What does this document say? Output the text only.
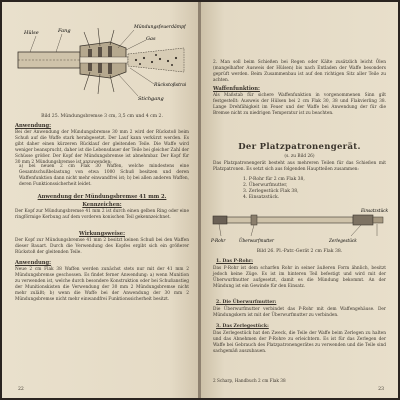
Hülse	Fang
Mündungsfeuerdämpfer
Gas
Stichgang
Rückstoßstrahl
Bild 25. Mündungsbremse 3 cm, 3,5 cm und 4 cm 2.
Anwendung:
Bei der Anwendung der Mündungsbremse 30 mm 2 wird der Rückstoß beim Schuß auf die Waffe stark herabgesetzt. Der Lauf kann verkürzt werden. Es gibt daher einen kürzeren Rücklauf der gleitenden Teile. Die Waffe wird weniger beansprucht, daher ist die Lebensdauer der Teile bei gleicher Zahl der Schüsse größer. Der Kopf der Mündungsbremse ist abnehmbar. Der Kopf für 30 mm 2 Mündungsbremse ist anzuwenden:
a) bei neuen 2 cm Flak 30 Waffen, welche mindestens eine Gesamtschußbelastung von etwa 1000 Schuß besitzen und deren Waffenfunktion dann nicht mehr einwandfrei ist; b) bei allen anderen Waffen, deren Funktionssicherheit leidet.
Anwendung der Mündungsbremse 41 mm 2.
Kennzeichen:
Der Kopf zur Mündungsbremse 41 mm 2 ist durch einen gelben Ring oder eine ringförmige Kerbung auf dem vorderen konischen Teil gekennzeichnet.
Wirkungsweise:
Der Kopf zur Mündungsbremse 41 mm 2 besitzt keinen Schuß bei den Waffen dieser Bauart. Durch die Verwendung des Kopfes ergibt sich ein größerer Rückstoß der gleitenden Teile.
Anwendung:
Neue 2 cm Flak 38 Waffen werden zunächst stets nur mit der 41 mm 2 Mündungsbremse geschossen. Es findet ferner Anwendung: a) wenn Munition zu verwenden ist, welche durch besondere Konstruktion oder bei Schußanstieg der Munitionskisten die Verwendung der 30 mm 2 Mündungsbremse nicht mehr zuläßt; b) wenn die Waffe bei der Anwendung der 30 mm 2 Mündungsbremse nicht mehr einwandfrei Funktionssicherheit besitzt.
22
2. Man soll beim Schießen bei Regen oder Kälte zusätzlich leicht Ölen (mangelhafter Ausweis der Hülsen) bis nach Entladen der Waffe besonders geprüft werden. Beim Zusammenbau ist auf den richtigen Sitz aller Teile zu achten.
Waffenfunktion:
Als Maßstab für sichere Waffenfunktion in vorgenommenen Sinn gilt festgestellt: Ausweis der Hülsen bei 2 cm Flak 30, 38 und Flakvierling 38. Lange Drehfähigkeit im Feuer und der Waffe bei Anwendung der für die Bremse nicht zu niedrigen Temperatur ist zu beachten.
Der Platzpatronengerät.
(s. zu Bild 26)
Das Platzpatronengerät besteht aus mehreren Teilen für das Schießen mit Platzpatronen. Es setzt sich aus folgenden Hauptteilen zusammen:
1. P-Rohr für 2 cm Flak 38,
2. Überwurfmutter,
3. Zerlegestück Flak 38,
4. Einsatzstück.
P-Rohr	Überwurfmutter	Zerlegestück
Einsatzstück
Bild 26. Pl.-Patr.-Gerät 2 cm Flak 38.
1. Das P-Rohr:
Das P-Rohr ist dem scharfen Rohr in seiner äußeren Form ähnlich, besitzt jedoch keine Züge. Es ist im hinteren Teil befestigt und wird mit der Überwurfmutter aufgesetzt, damit es die Mündung bekommt. An der Mündung ist ein Gewinde für den Einsatz.
2. Die Überwurfmutter:
Die Überwurfmutter verbindet das P-Rohr mit dem Waffengehäuse. Der Mündungskern ist mit der Überwurfmutter zu verbinden.
3. Das Zerlegestück:
Das Zerlegestück hat den Zweck, die Teile der Waffe beim Zerlegen zu halten und das Abnehmen der P-Rohre zu erleichtern. Es ist für das Zerlegen der Waffe bei Gebrauch des Platzpatronengerätes zu verwenden und die Teile sind sachgemäß auszubauen.
2 Scharp, Handbuch 2 cm Flak 38
23
